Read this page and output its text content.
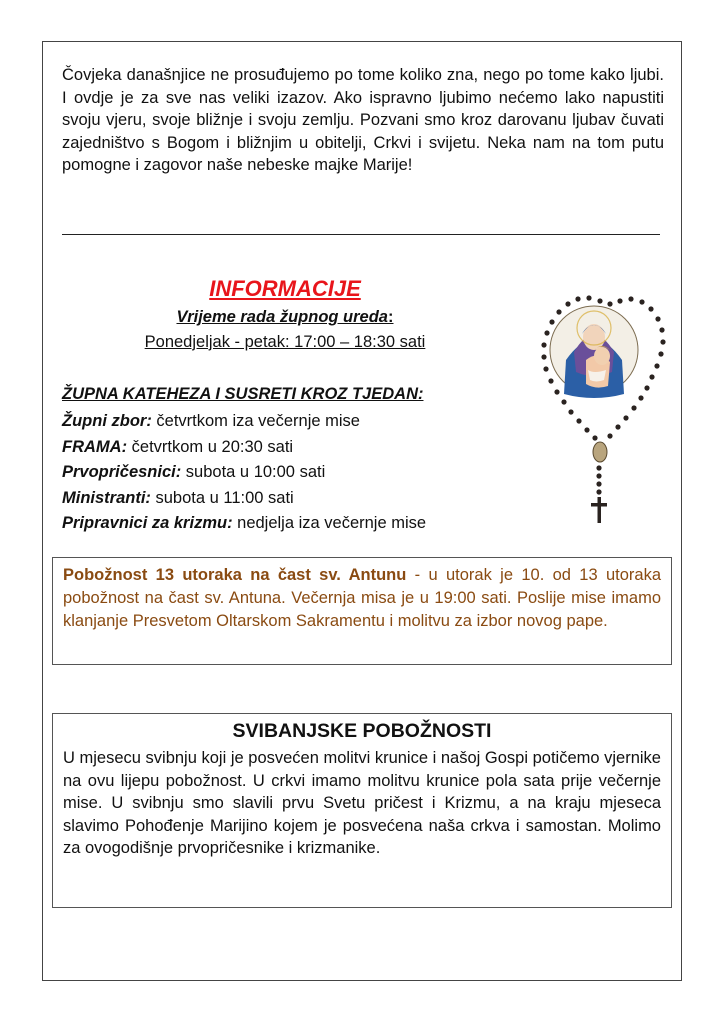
Čovjeka današnjice ne prosuđujemo po tome koliko zna, nego po tome kako ljubi. I ovdje je za sve nas veliki izazov. Ako ispravno ljubimo nećemo lako napustiti svoju vjeru, svoje bližnje i svoju zemlju. Pozvani smo kroz darovanu ljubav čuvati zajedništvo s Bogom i bližnjim u obitelji, Crkvi i svijetu. Neka nam na tom putu pomogne i zagovor naše nebeske majke Marije!

INFORMACIJE

Vrijeme rada župnog ureda:

Ponedjeljak - petak: 17:00 – 18:30 sati

ŽUPNA KATEHEZA I SUSRETI KROZ TJEDAN:

Župni zbor: četvrtkom iza večernje mise
FRAMA: četvrtkom u 20:30 sati
Prvopričesnici: subota u 10:00 sati
Ministranti: subota u 11:00 sati
Pripravnici za krizmu: nedjelja iza večernje mise

Pobožnost 13 utoraka na čast sv. Antunu - u utorak je 10. od 13 utoraka pobožnost na čast sv. Antuna. Večernja misa je u 19:00 sati. Poslije mise imamo klanjanje Presvetom Oltarskom Sakramentu i molitvu za izbor novog pape.

SVIBANJSKE POBOŽNOSTI

U mjesecu svibnju koji je posvećen molitvi krunice i našoj Gospi potičemo vjernike na ovu lijepu pobožnost. U crkvi imamo molitvu krunice pola sata prije večernje mise. U svibnju smo slavili prvu Svetu pričest i Krizmu, a na kraju mjeseca slavimo Pohođenje Marijino kojem je posvećena naša crkva i samostan. Molimo za ovogodišnje prvopričesnike i krizmanike.
